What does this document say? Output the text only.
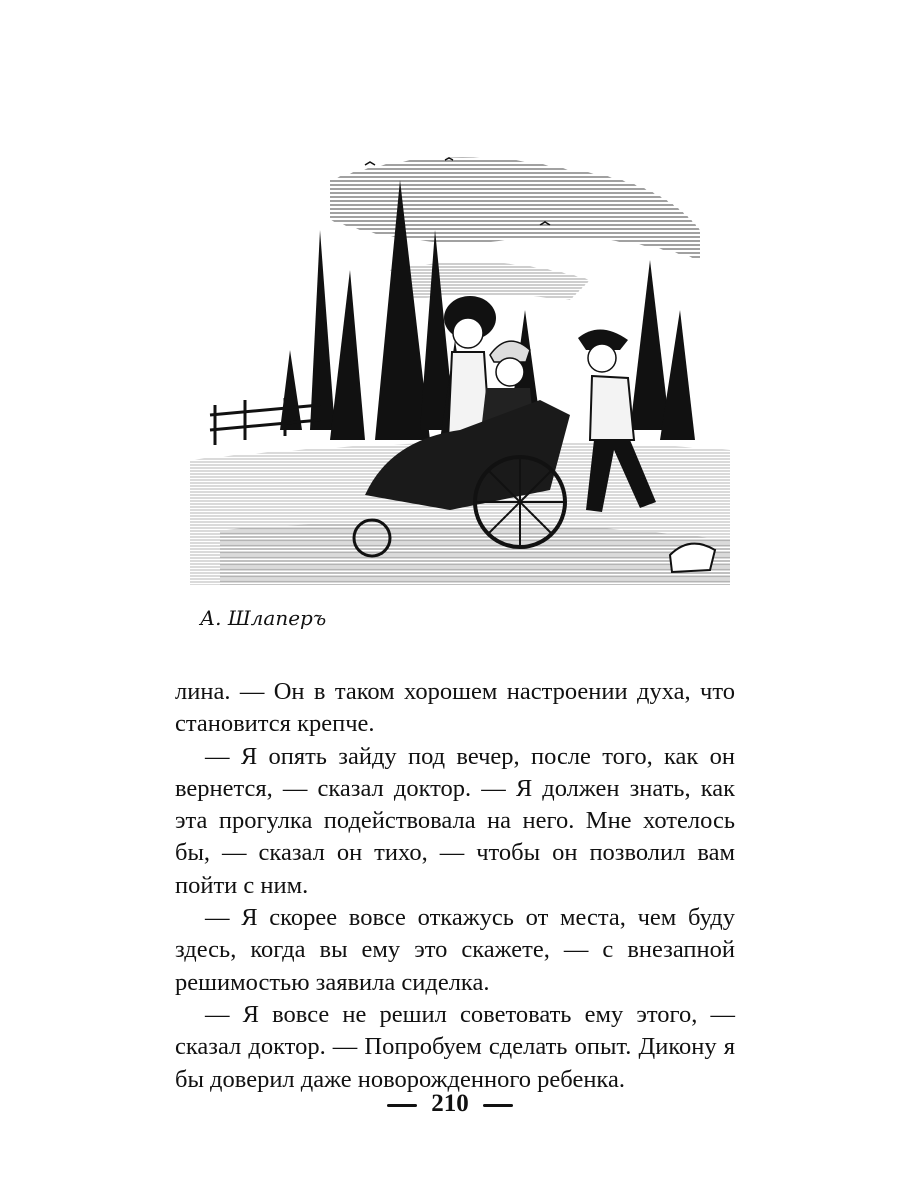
А. Шлаперъ

лина. — Он в таком хорошем настроении духа, что становится крепче.

— Я опять зайду под вечер, после того, как он вернется, — сказал доктор. — Я должен знать, как эта прогулка подействовала на него. Мне хотелось бы, — сказал он тихо, — чтобы он позволил вам пойти с ним.

— Я скорее вовсе откажусь от места, чем буду здесь, когда вы ему это скажете, — с внезапной решимостью заявила сиделка.

— Я вовсе не решил советовать ему этого, — сказал доктор. — Попробуем сделать опыт. Дикону я бы доверил даже новорожденного ребенка.

210
